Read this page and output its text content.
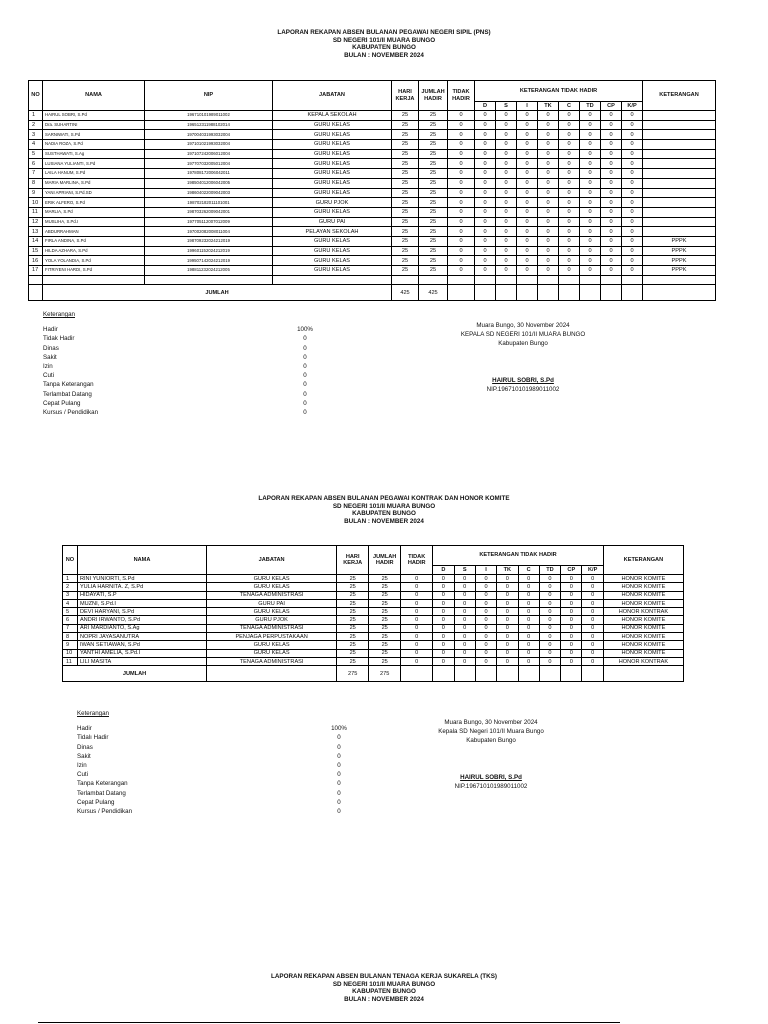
LAPORAN REKAPAN ABSEN BULANAN PEGAWAI NEGERI SIPIL (PNS)
SD NEGERI 101/II MUARA BUNGO
KABUPATEN BUNGO
BULAN : NOVEMBER 2024
NO	NAMA	NIP	JABATAN	HARI KERJA	JUMLAH HADIR	TIDAK HADIR	KETERANGAN TIDAK HADIR								KETERANGAN
							D	S	I	TK	C	TD	CP	K/P	
1	HAIRUL SOBRI, S.Pd	196710101989011002	KEPALA SEKOLAH	25	25	0	0	0	0	0	0	0	0	0	
2	Dra. SUHARTINI	196512311988102014	GURU KELAS	25	25	0	0	0	0	0	0	0	0	0	
3	SARNIWATI, S.Pd	197004031993032004	GURU KELAS	25	25	0	0	0	0	0	0	0	0	0	
4	NADIA ROZA, S.Pd	197101021993032004	GURU KELAS	25	25	0	0	0	0	0	0	0	0	0	
5	SUSTHAWATI, S.Ag	197107242006012004	GURU KELAS	25	25	0	0	0	0	0	0	0	0	0	
6	LUSIANA YULIANTI, S.Pd	197707032005012004	GURU KELAS	25	25	0	0	0	0	0	0	0	0	0	
7	LAILA HANUM, S.Pd	197808172006042011	GURU KELAS	25	25	0	0	0	0	0	0	0	0	0	
8	MARIA MARLINA, S.Pd	198504012006042005	GURU KELAS	25	25	0	0	0	0	0	0	0	0	0	
9	YANI APRIANI, S.Pd.SD	198604022009042003	GURU KELAS	25	25	0	0	0	0	0	0	0	0	0	
10	ERIK ALFERO, S.Pd	198702182011101001	GURU PJOK	25	25	0	0	0	0	0	0	0	0	0	
11	MARLIA, S.Pd	198703262009042001	GURU KELAS	25	25	0	0	0	0	0	0	0	0	0	
12	MUSLIHA, S.Pd.I	197705112007012009	GURU PAI	25	25	0	0	0	0	0	0	0	0	0	
13	ABDURRAHMAN	197002082008011004	PELAYAN SEKOLAH	25	25	0	0	0	0	0	0	0	0	0	
14	FIRLA ANDINA, S.Pd	198709232024212019	GURU KELAS	25	25	0	0	0	0	0	0	0	0	0	PPPK
15	HILDA AZHARA, S.Pd	199601152024212019	GURU KELAS	25	25	0	0	0	0	0	0	0	0	0	PPPK
16	YOLA YOLANDIA, S.Pd	199507142024212019	GURU KELAS	25	25	0	0	0	0	0	0	0	0	0	PPPK
17	FITRIYENI HARDI, S.Pd	198811232024212005	GURU KELAS	25	25	0	0	0	0	0	0	0	0	0	PPPK

	JUMLAH			425	425										
Keterangan
Hadir	100%
Tidak Hadir	0
Dinas	0
Sakit	0
Izin	0
Cuti	0
Tanpa Keterangan	0
Terlambat Datang	0
Cepat Pulang	0
Kursus / Pendidikan	0
Muara Bungo, 30 November 2024
KEPALA SD NEGERI 101/II MUARA BUNGO
Kabupaten Bungo
HAIRUL SOBRI, S.Pd
NIP.196710101989011002
LAPORAN REKAPAN ABSEN BULANAN PEGAWAI KONTRAK DAN HONOR KOMITE
SD NEGERI 101/II MUARA BUNGO
KABUPATEN BUNGO
BULAN : NOVEMBER 2024
NO	NAMA	JABATAN	HARI KERJA	JUMLAH HADIR	TIDAK HADIR	KETERANGAN TIDAK HADIR								KETERANGAN
						D	S	I	TK	C	TD	CP	K/P	
1	RINI YUNIORTI, S.Pd	GURU KELAS	25	25	0	0	0	0	0	0	0	0	0	HONOR KOMITE
2	YULIA HARNITA. Z, S.Pd	GURU KELAS	25	25	0	0	0	0	0	0	0	0	0	HONOR KOMITE
3	HIDAYATI, S.P	TENAGA ADMINISTRASI	25	25	0	0	0	0	0	0	0	0	0	HONOR KOMITE
4	MUZNI, S.Pd.I	GURU PAI	25	25	0	0	0	0	0	0	0	0	0	HONOR KOMITE
5	DEVI HARYANI, S.Pd	GURU KELAS	25	25	0	0	0	0	0	0	0	0	0	HONOR KONTRAK
6	ANDRI IRWANTO, S.Pd	GURU PJOK	25	25	0	0	0	0	0	0	0	0	0	HONOR KOMITE
7	ARI MARDIANTO, S.Ag	TENAGA ADMINISTRASI	25	25	0	0	0	0	0	0	0	0	0	HONOR KOMITE
8	NOPRI JAYASANUTRA	PENJAGA PERPUSTAKAAN	25	25	0	0	0	0	0	0	0	0	0	HONOR KOMITE
9	IWAN SETIAWAN, S.Pd	GURU KELAS	25	25	0	0	0	0	0	0	0	0	0	HONOR KOMITE
10	YANTHI AMELIA, S.Pd.I	GURU KELAS	25	25	0	0	0	0	0	0	0	0	0	HONOR KOMITE
11	LILI MASITA	TENAGA ADMINISTRASI	25	25	0	0	0	0	0	0	0	0	0	HONOR KONTRAK
JUMLAH			275	275										
Keterangan
Hadir	100%
Tidalı Hadir	0
Dinas	0
Sakit	0
Izin	0
Cuti	0
Tanpa Keterangan	0
Terlambat Datang	0
Cepat Pulang	0
Kursus / Pendidikan	0
Muara Bungo, 30 November 2024
Kepala SD Negeri 101/II Muara Bungo
Kabupaten Bungo
HAIRUL SOBRI, S.Pd
NIP.196710101989011002
LAPORAN REKAPAN ABSEN BULANAN TENAGA KERJA SUKARELA (TKS)
SD NEGERI 101/II MUARA BUNGO
KABUPATEN BUNGO
BULAN : NOVEMBER 2024
